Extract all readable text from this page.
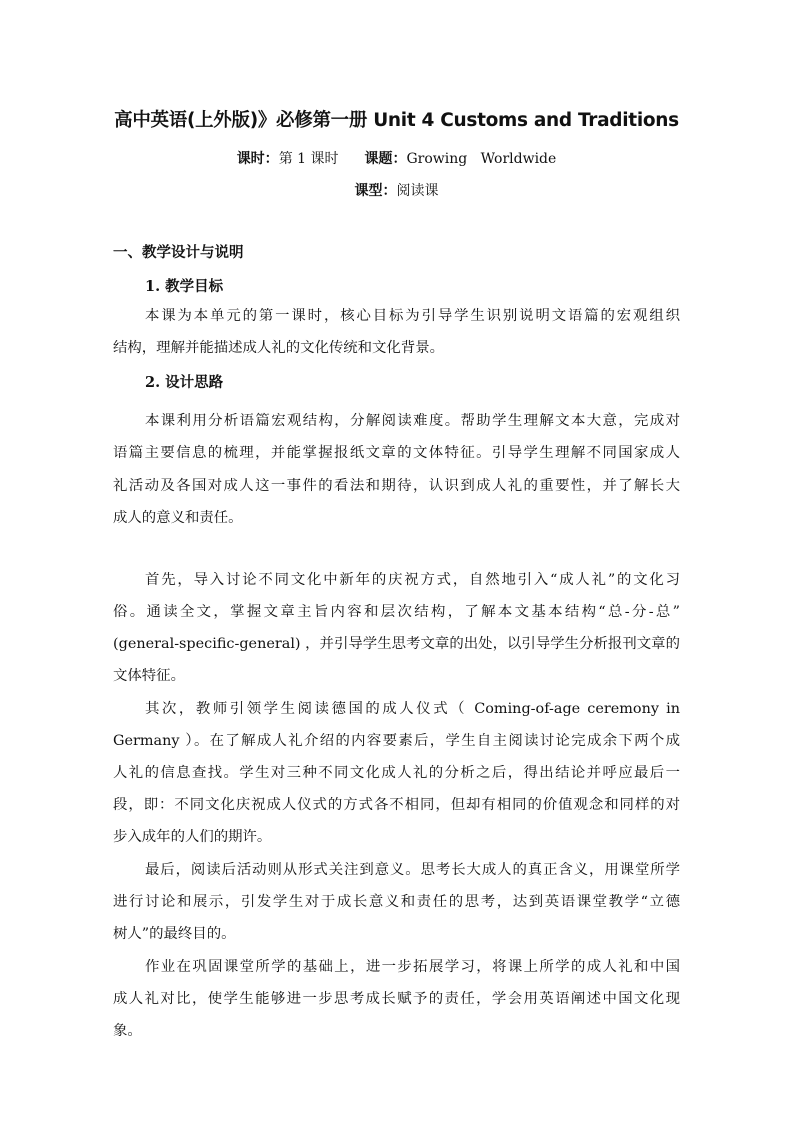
高中英语(上外版)》必修第一册 Unit 4 Customs and Traditions
课时：第 1 课时 课题：Growing   Worldwide
课型：阅读课
一、教学设计与说明
1. 教学目标
本课为本单元的第一课时，核心目标为引导学生识别说明文语篇的宏观组织
结构，理解并能描述成人礼的文化传统和文化背景。
2. 设计思路
本课利用分析语篇宏观结构，分解阅读难度。帮助学生理解文本大意，完成对
语篇主要信息的梳理，并能掌握报纸文章的文体特征。引导学生理解不同国家成人
礼活动及各国对成人这一事件的看法和期待，认识到成人礼的重要性，并了解长大
成人的意义和责任。
首先，导入讨论不同文化中新年的庆祝方式，自然地引入“成人礼”的文化习
俗。通读全文，掌握文章主旨内容和层次结构，了解本文基本结构“总-分-总”
(general-specific-general) ，并引导学生思考文章的出处，以引导学生分析报刊文章的
文体特征。
其次，教师引领学生阅读德国的成人仪式（ Coming-of-age ceremony in
Germany ）。在了解成人礼介绍的内容要素后，学生自主阅读讨论完成余下两个成
人礼的信息查找。学生对三种不同文化成人礼的分析之后，得出结论并呼应最后一
段，即：不同文化庆祝成人仪式的方式各不相同，但却有相同的价值观念和同样的对
步入成年的人们的期许。
最后，阅读后活动则从形式关注到意义。思考长大成人的真正含义，用课堂所学
进行讨论和展示，引发学生对于成长意义和责任的思考，达到英语课堂教学“立德
树人”的最终目的。
作业在巩固课堂所学的基础上，进一步拓展学习，将课上所学的成人礼和中国
成人礼对比，使学生能够进一步思考成长赋予的责任，学会用英语阐述中国文化现
象。
